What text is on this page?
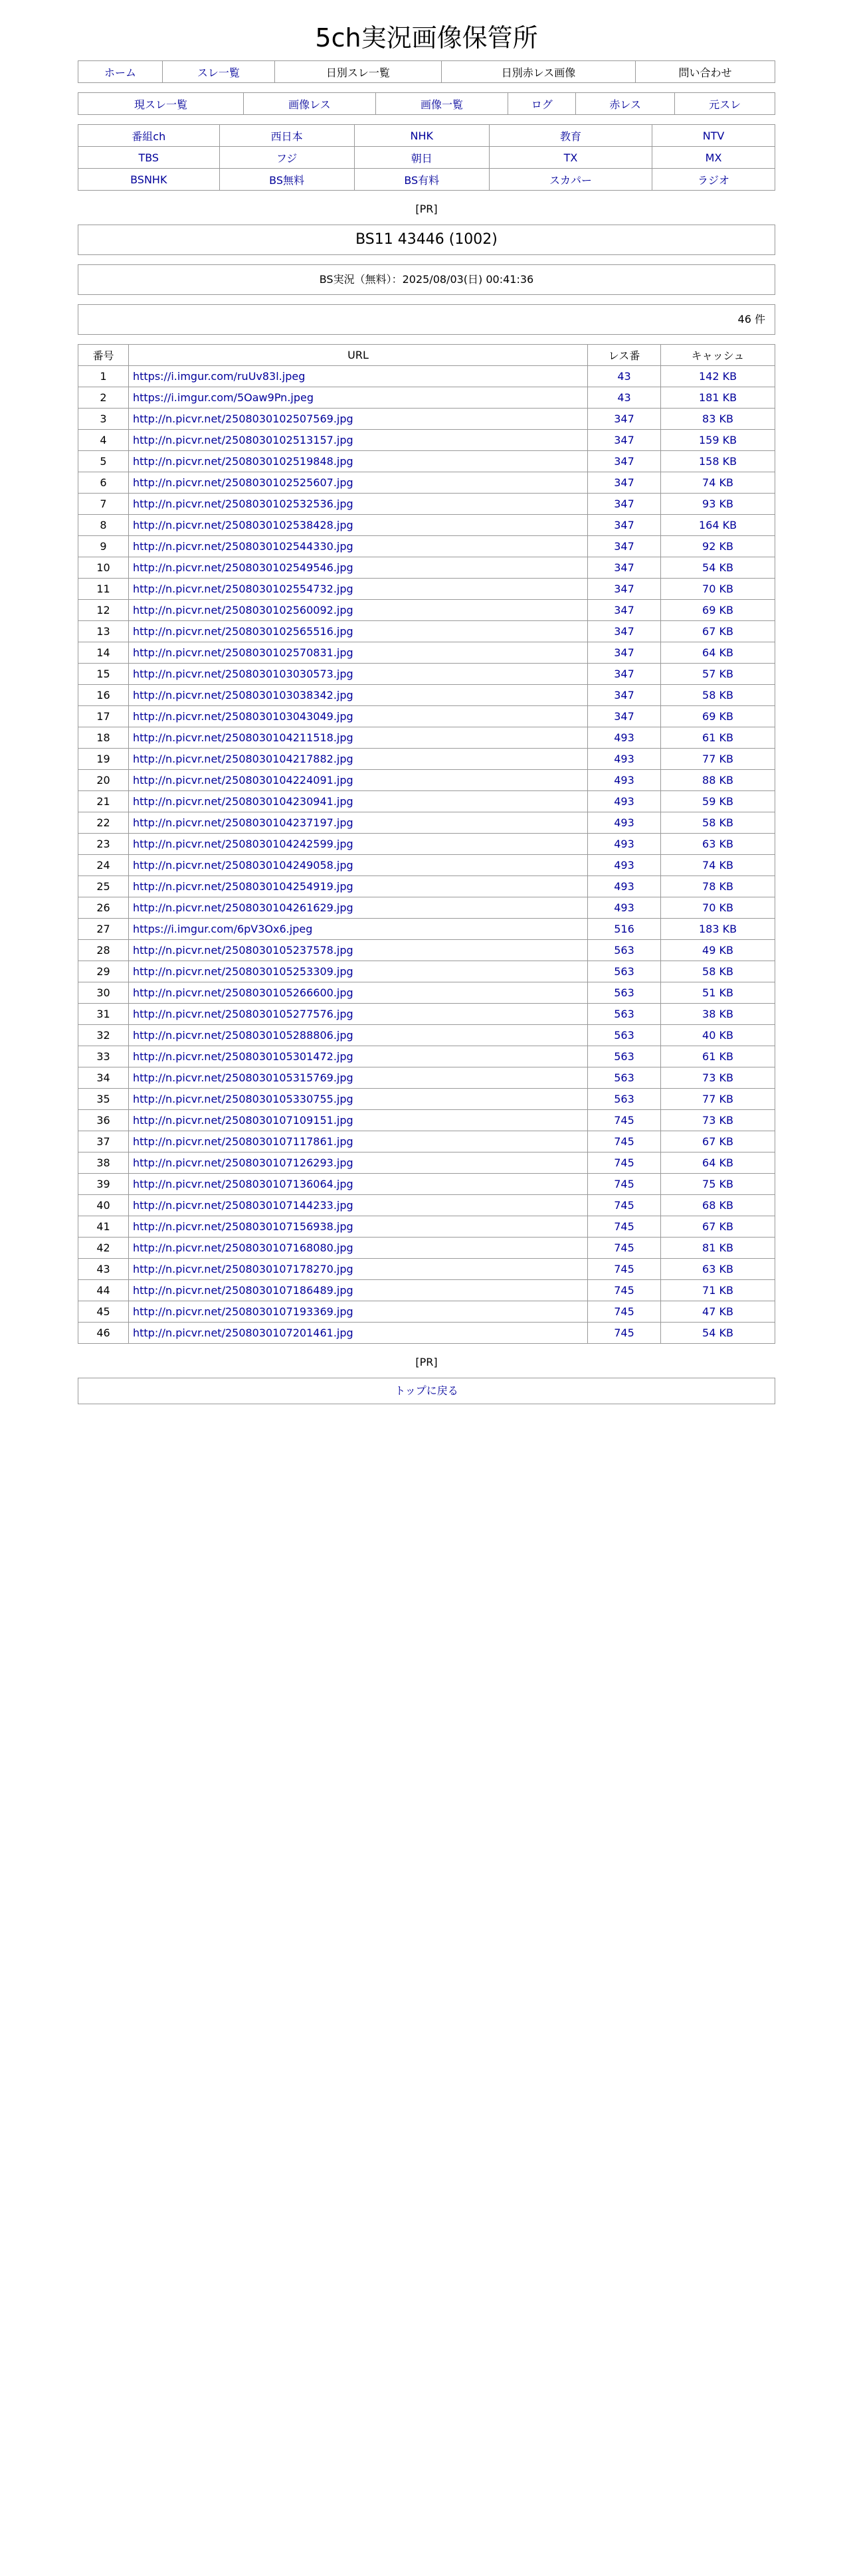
5ch実況画像保管所
ホーム	スレ一覧	日別スレ一覧	日別赤レス画像	問い合わせ
現スレ一覧	画像レス	画像一覧	ログ	赤レス	元スレ
番組ch	西日本	NHK	教育	NTV
TBS	フジ	朝日	TX	MX
BSNHK	BS無料	BS有料	スカパー	ラジオ
[PR]
BS11 43446 (1002)
BS実況（無料）：2025/08/03(日) 00:41:36
46 件
番号	URL	レス番	キャッシュ
1	https://i.imgur.com/ruUv83l.jpeg	43	142 KB
2	https://i.imgur.com/5Oaw9Pn.jpeg	43	181 KB
3	http://n.picvr.net/2508030102507569.jpg	347	83 KB
4	http://n.picvr.net/2508030102513157.jpg	347	159 KB
5	http://n.picvr.net/2508030102519848.jpg	347	158 KB
6	http://n.picvr.net/2508030102525607.jpg	347	74 KB
7	http://n.picvr.net/2508030102532536.jpg	347	93 KB
8	http://n.picvr.net/2508030102538428.jpg	347	164 KB
9	http://n.picvr.net/2508030102544330.jpg	347	92 KB
10	http://n.picvr.net/2508030102549546.jpg	347	54 KB
11	http://n.picvr.net/2508030102554732.jpg	347	70 KB
12	http://n.picvr.net/2508030102560092.jpg	347	69 KB
13	http://n.picvr.net/2508030102565516.jpg	347	67 KB
14	http://n.picvr.net/2508030102570831.jpg	347	64 KB
15	http://n.picvr.net/2508030103030573.jpg	347	57 KB
16	http://n.picvr.net/2508030103038342.jpg	347	58 KB
17	http://n.picvr.net/2508030103043049.jpg	347	69 KB
18	http://n.picvr.net/2508030104211518.jpg	493	61 KB
19	http://n.picvr.net/2508030104217882.jpg	493	77 KB
20	http://n.picvr.net/2508030104224091.jpg	493	88 KB
21	http://n.picvr.net/2508030104230941.jpg	493	59 KB
22	http://n.picvr.net/2508030104237197.jpg	493	58 KB
23	http://n.picvr.net/2508030104242599.jpg	493	63 KB
24	http://n.picvr.net/2508030104249058.jpg	493	74 KB
25	http://n.picvr.net/2508030104254919.jpg	493	78 KB
26	http://n.picvr.net/2508030104261629.jpg	493	70 KB
27	https://i.imgur.com/6pV3Ox6.jpeg	516	183 KB
28	http://n.picvr.net/2508030105237578.jpg	563	49 KB
29	http://n.picvr.net/2508030105253309.jpg	563	58 KB
30	http://n.picvr.net/2508030105266600.jpg	563	51 KB
31	http://n.picvr.net/2508030105277576.jpg	563	38 KB
32	http://n.picvr.net/2508030105288806.jpg	563	40 KB
33	http://n.picvr.net/2508030105301472.jpg	563	61 KB
34	http://n.picvr.net/2508030105315769.jpg	563	73 KB
35	http://n.picvr.net/2508030105330755.jpg	563	77 KB
36	http://n.picvr.net/2508030107109151.jpg	745	73 KB
37	http://n.picvr.net/2508030107117861.jpg	745	67 KB
38	http://n.picvr.net/2508030107126293.jpg	745	64 KB
39	http://n.picvr.net/2508030107136064.jpg	745	75 KB
40	http://n.picvr.net/2508030107144233.jpg	745	68 KB
41	http://n.picvr.net/2508030107156938.jpg	745	67 KB
42	http://n.picvr.net/2508030107168080.jpg	745	81 KB
43	http://n.picvr.net/2508030107178270.jpg	745	63 KB
44	http://n.picvr.net/2508030107186489.jpg	745	71 KB
45	http://n.picvr.net/2508030107193369.jpg	745	47 KB
46	http://n.picvr.net/2508030107201461.jpg	745	54 KB
[PR]
トップに戻る
